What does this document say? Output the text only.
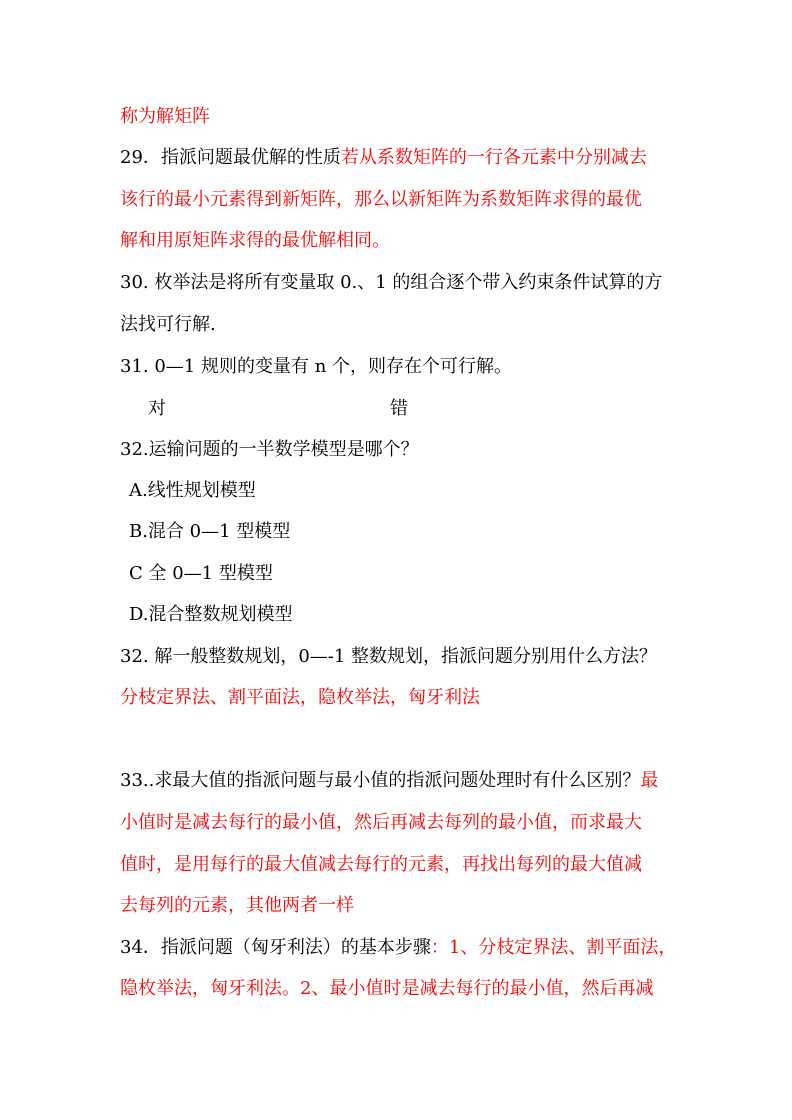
称为解矩阵
29．指派问题最优解的性质若从系数矩阵的一行各元素中分别减去
该行的最小元素得到新矩阵，那么以新矩阵为系数矩阵求得的最优
解和用原矩阵求得的最优解相同。
30. 枚举法是将所有变量取 0.、1 的组合逐个带入约束条件试算的方
法找可行解.
31. 0—1 规则的变量有 n 个，则存在个可行解。
对	错
32.运输问题的一半数学模型是哪个？
A.线性规划模型
B.混合 0—1 型模型
C 全 0—1 型模型
D.混合整数规划模型
32. 解一般整数规划，0—-1 整数规划，指派问题分别用什么方法？
分枝定界法、割平面法，隐枚举法，匈牙利法
33..求最大值的指派问题与最小值的指派问题处理时有什么区别？最
小值时是减去每行的最小值，然后再减去每列的最小值，而求最大
值时，是用每行的最大值减去每行的元素，再找出每列的最大值减
去每列的元素，其他两者一样
34．指派问题（匈牙利法）的基本步骤：1、分枝定界法、割平面法，
隐枚举法，匈牙利法。2、最小值时是减去每行的最小值，然后再减
